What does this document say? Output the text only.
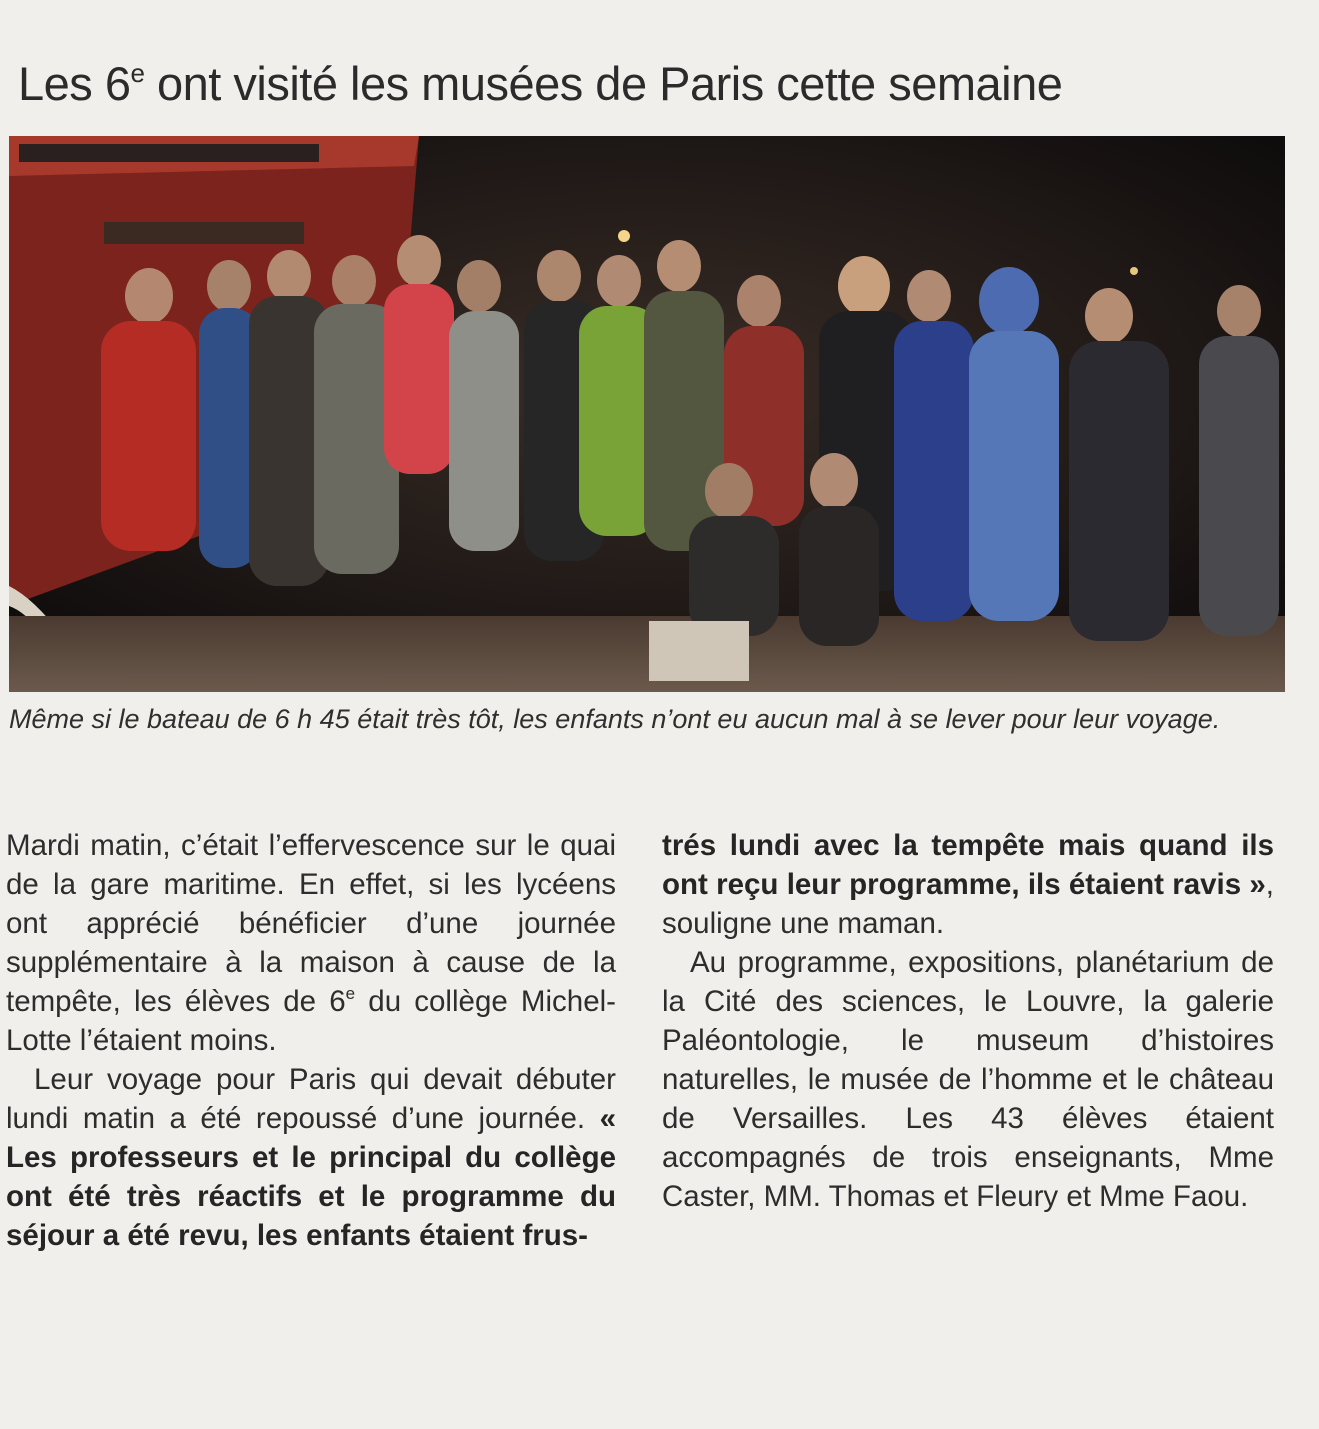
Les 6e ont visité les musées de Paris cette semaine

Même si le bateau de 6 h 45 était très tôt, les enfants n’ont eu aucun mal à se lever pour leur voyage.

Mardi matin, c’était l’effervescence sur le quai de la gare maritime. En effet, si les lycéens ont apprécié bénéficier d’une journée supplémentaire à la maison à cause de la tempête, les élèves de 6e du collège Michel-Lotte l’étaient moins.

Leur voyage pour Paris qui devait débuter lundi matin a été repoussé d’une journée. « Les professeurs et le principal du collège ont été très réactifs et le programme du séjour a été revu, les enfants étaient frus-

trés lundi avec la tempête mais quand ils ont reçu leur programme, ils étaient ravis », souligne une maman.

Au programme, expositions, planétarium de la Cité des sciences, le Louvre, la galerie Paléontologie, le museum d’histoires naturelles, le musée de l’homme et le château de Versailles. Les 43 élèves étaient accompagnés de trois enseignants, Mme Caster, MM. Thomas et Fleury et Mme Faou.
